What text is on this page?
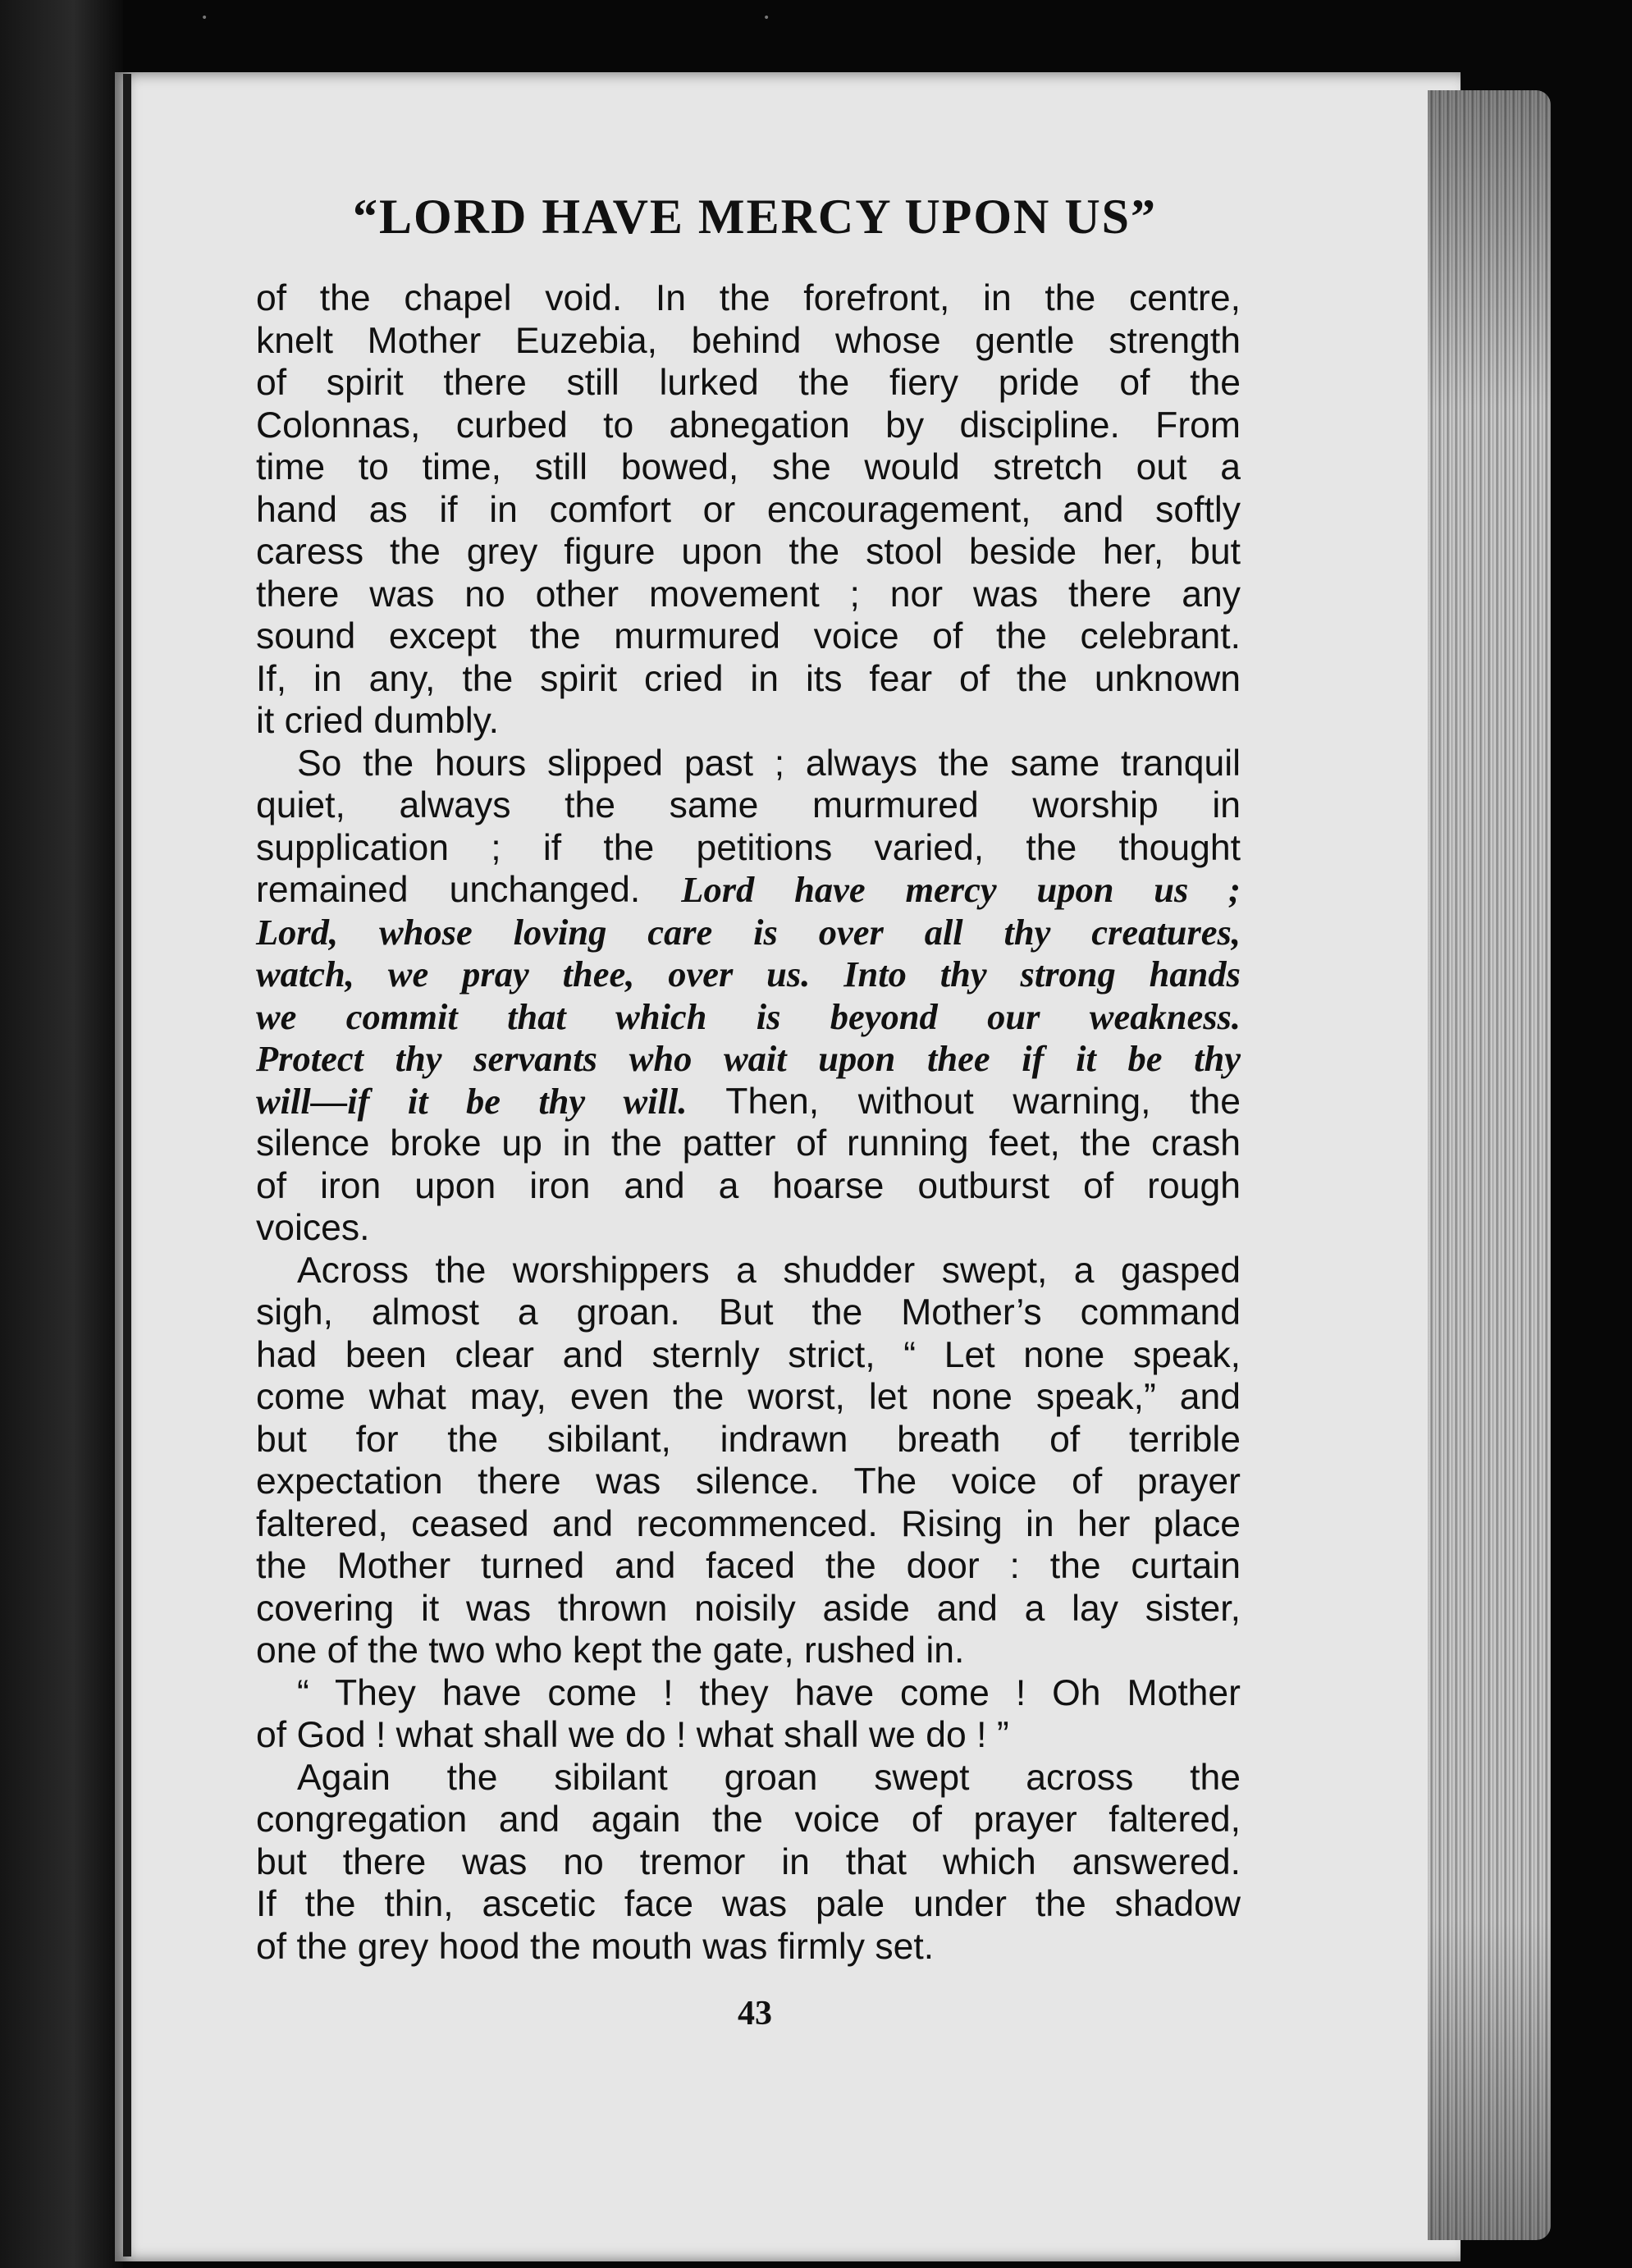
•	•
“LORD HAVE MERCY UPON US”
of the chapel void. In the forefront, in the centre,
knelt Mother Euzebia, behind whose gentle strength
of spirit there still lurked the fiery pride of the
Colonnas, curbed to abnegation by discipline. From
time to time, still bowed, she would stretch out a
hand as if in comfort or encouragement, and softly
caress the grey figure upon the stool beside her, but
there was no other movement ; nor was there any
sound except the murmured voice of the celebrant.
If, in any, the spirit cried in its fear of the unknown
it cried dumbly.
So the hours slipped past ; always the same tranquil
quiet, always the same murmured worship in
supplication ; if the petitions varied, the thought
remained unchanged. Lord have mercy upon us ;
Lord, whose loving care is over all thy creatures,
watch, we pray thee, over us. Into thy strong hands
we commit that which is beyond our weakness.
Protect thy servants who wait upon thee if it be thy
will—if it be thy will. Then, without warning, the
silence broke up in the patter of running feet, the crash
of iron upon iron and a hoarse outburst of rough
voices.
Across the worshippers a shudder swept, a gasped
sigh, almost a groan. But the Mother’s command
had been clear and sternly strict, “ Let none speak,
come what may, even the worst, let none speak,” and
but for the sibilant, indrawn breath of terrible
expectation there was silence. The voice of prayer
faltered, ceased and recommenced. Rising in her place
the Mother turned and faced the door : the curtain
covering it was thrown noisily aside and a lay sister,
one of the two who kept the gate, rushed in.
“ They have come ! they have come ! Oh Mother
of God ! what shall we do ! what shall we do ! ”
Again the sibilant groan swept across the
congregation and again the voice of prayer faltered,
but there was no tremor in that which answered.
If the thin, ascetic face was pale under the shadow
of the grey hood the mouth was firmly set.
43
